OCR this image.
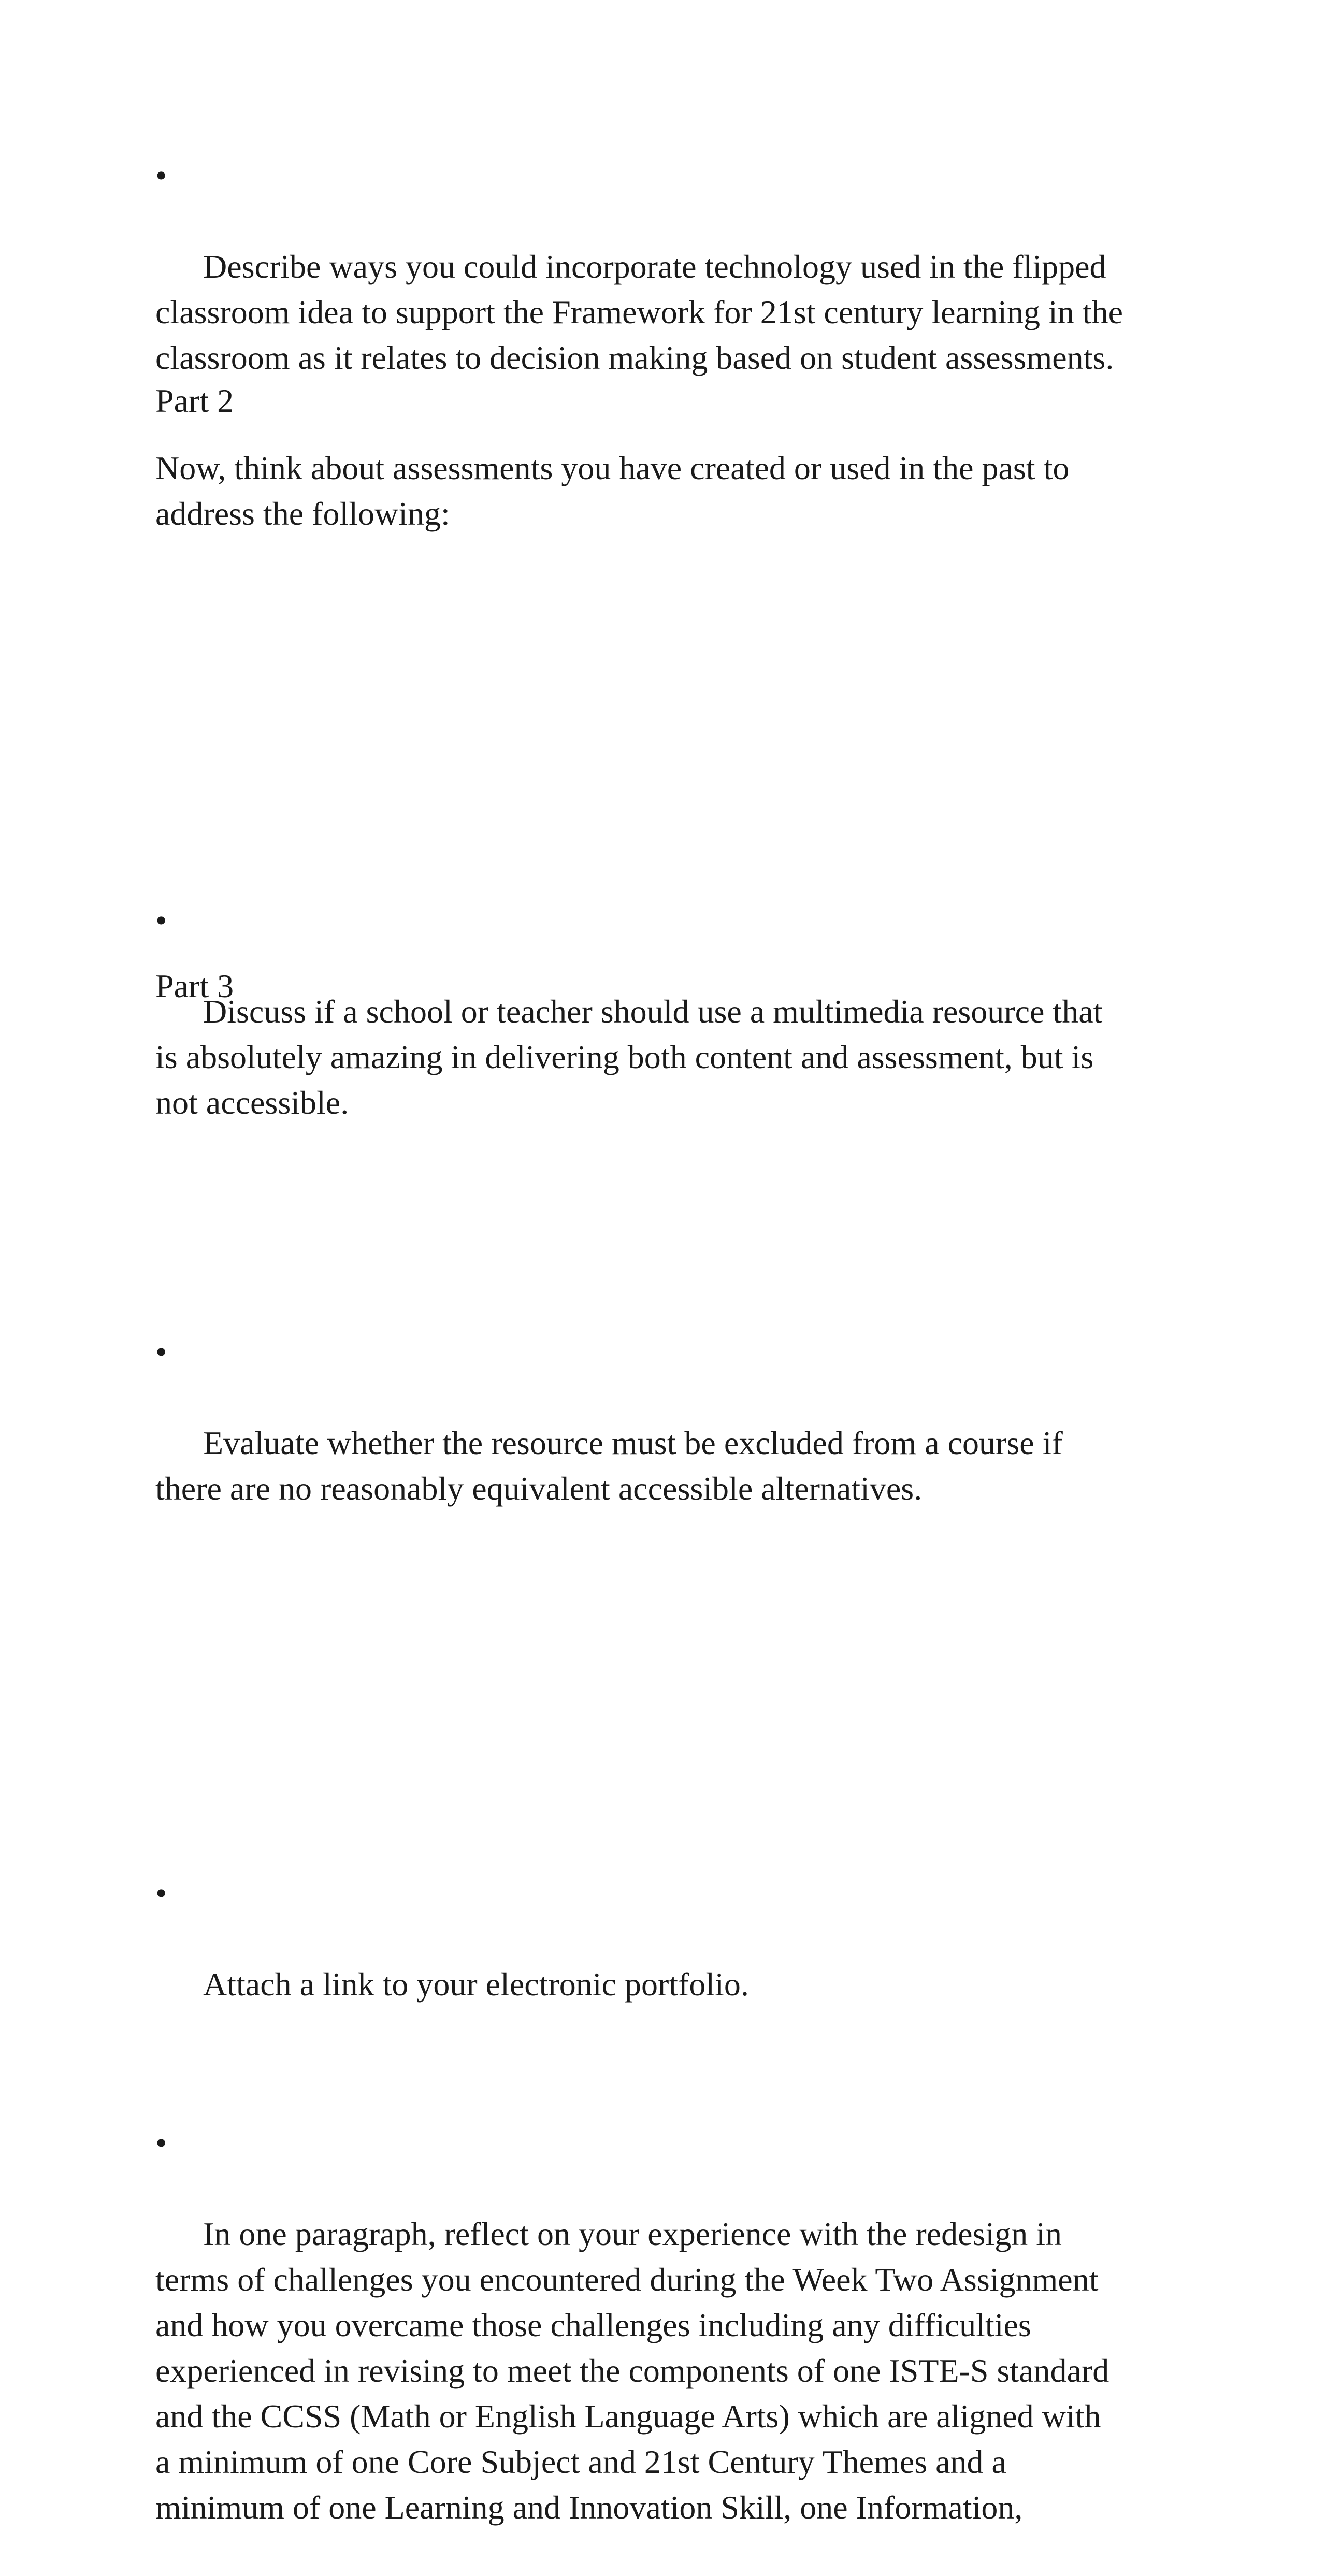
•

Describe ways you could incorporate technology used in the flipped
classroom idea to support the Framework for 21st century learning in the
classroom as it relates to decision making based on student assessments.

Part 2
Now, think about assessments you have created or used in the past to
address the following:

•

Discuss if a school or teacher should use a multimedia resource that
is absolutely amazing in delivering both content and assessment, but is
not accessible.

•

Evaluate whether the resource must be excluded from a course if
there are no reasonably equivalent accessible alternatives.

Part 3

•

Attach a link to your electronic portfolio.

•

In one paragraph, reflect on your experience with the redesign in
terms of challenges you encountered during the Week Two Assignment
and how you overcame those challenges including any difficulties
experienced in revising to meet the components of one ISTE-S standard
and the CCSS (Math or English Language Arts) which are aligned with
a minimum of one Core Subject and 21st Century Themes and a
minimum of one Learning and Innovation Skill, one Information,
